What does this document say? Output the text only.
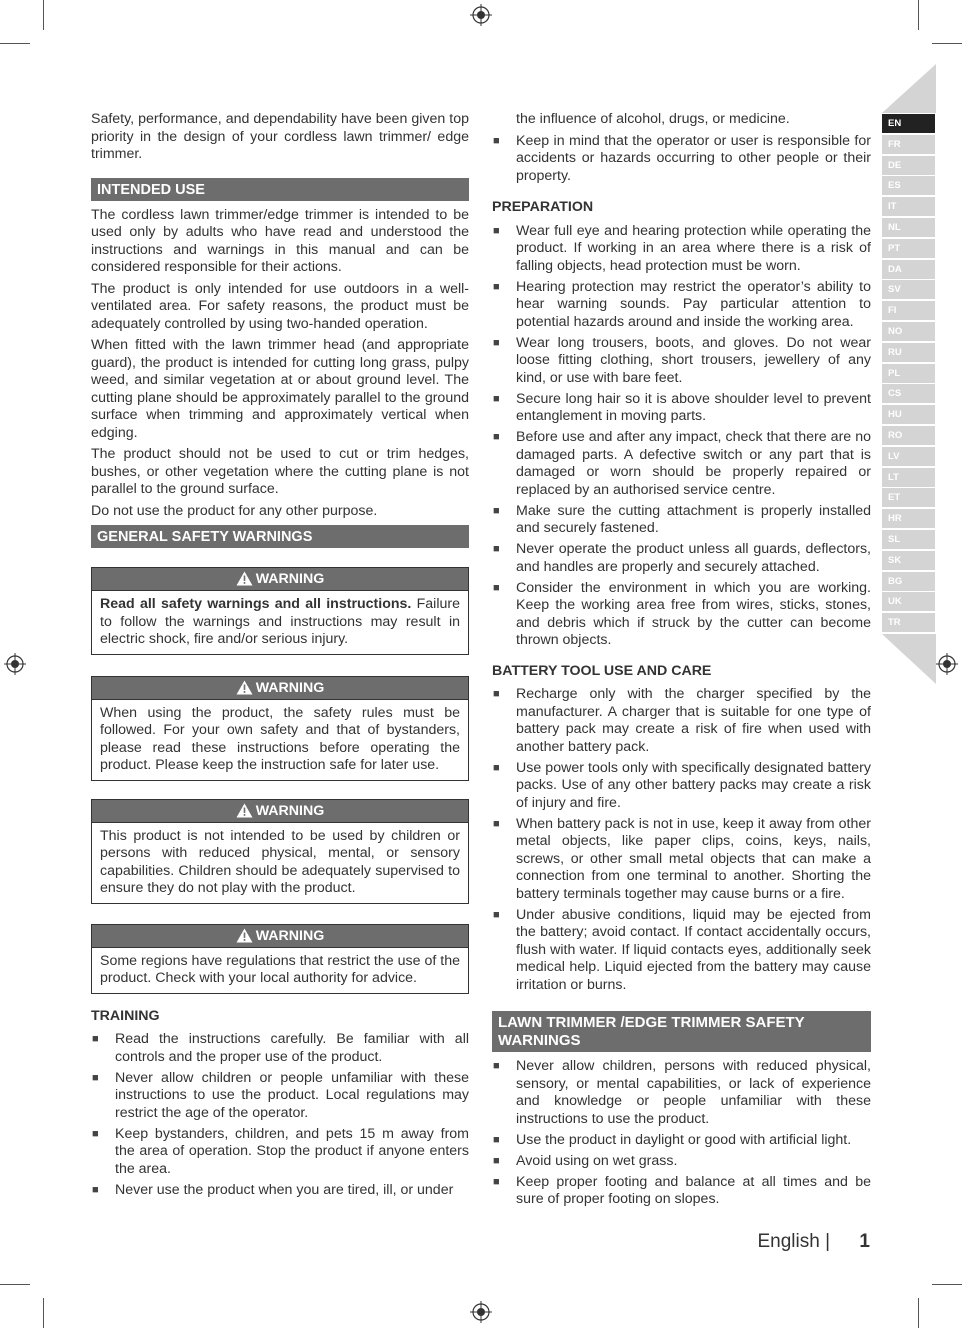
Safety, performance, and dependability have been given top priority in the design of your cordless lawn trimmer/ edge trimmer.

INTENDED USE

The cordless lawn trimmer/edge trimmer is intended to be used only by adults who have read and understood the instructions and warnings in this manual and can be considered responsible for their actions.

The product is only intended for use outdoors in a well-ventilated area. For safety reasons, the product must be adequately controlled by using two-handed operation.

When fitted with the lawn trimmer head (and appropriate guard), the product is intended for cutting long grass, pulpy weed, and similar vegetation at or about ground level. The cutting plane should be approximately parallel to the ground surface when trimming and approximately vertical when edging.

The product should not be used to cut or trim hedges, bushes, or other vegetation where the cutting plane is not parallel to the ground surface.

Do not use the product for any other purpose.

GENERAL SAFETY WARNINGS
WARNING
Read all safety warnings and all instructions. Failure to follow the warnings and instructions may result in electric shock, fire and/or serious injury.
WARNING
When using the product, the safety rules must be followed. For your own safety and that of bystanders, please read these instructions before operating the product. Please keep the instruction safe for later use.
WARNING
This product is not intended to be used by children or persons with reduced physical, mental, or sensory capabilities. Children should be adequately supervised to ensure they do not play with the product.
WARNING
Some regions have regulations that restrict the use of the product. Check with your local authority for advice.
TRAINING
■ Read the instructions carefully. Be familiar with all controls and the proper use of the product.
■ Never allow children or people unfamiliar with these instructions to use the product. Local regulations may restrict the age of the operator.
■ Keep bystanders, children, and pets 15 m away from the area of operation. Stop the product if anyone enters the area.
■ Never use the product when you are tired, ill, or under

the influence of alcohol, drugs, or medicine.

■ Keep in mind that the operator or user is responsible for accidents or hazards occurring to other people or their property.
PREPARATION
■ Wear full eye and hearing protection while operating the product. If working in an area where there is a risk of falling objects, head protection must be worn.
■ Hearing protection may restrict the operator’s ability to hear warning sounds. Pay particular attention to potential hazards around and inside the working area.
■ Wear long trousers, boots, and gloves. Do not wear loose fitting clothing, short trousers, jewellery of any kind, or use with bare feet.
■ Secure long hair so it is above shoulder level to prevent entanglement in moving parts.
■ Before use and after any impact, check that there are no damaged parts. A defective switch or any part that is damaged or worn should be properly repaired or replaced by an authorised service centre.
■ Make sure the cutting attachment is properly installed and securely fastened.
■ Never operate the product unless all guards, deflectors, and handles are properly and securely attached.
■ Consider the environment in which you are working. Keep the working area free from wires, sticks, stones, and debris which if struck by the cutter can become thrown objects.
BATTERY TOOL USE AND CARE
■ Recharge only with the charger specified by the manufacturer. A charger that is suitable for one type of battery pack may create a risk of fire when used with another battery pack.
■ Use power tools only with specifically designated battery packs. Use of any other battery packs may create a risk of injury and fire.
■ When battery pack is not in use, keep it away from other metal objects, like paper clips, coins, keys, nails, screws, or other small metal objects that can make a connection from one terminal to another. Shorting the battery terminals together may cause burns or a fire.
■ Under abusive conditions, liquid may be ejected from the battery; avoid contact. If contact accidentally occurs, flush with water. If liquid contacts eyes, additionally seek medical help. Liquid ejected from the battery may cause irritation or burns.
LAWN TRIMMER /EDGE TRIMMER SAFETY WARNINGS
■ Never allow children, persons with reduced physical, sensory, or mental capabilities, or lack of experience and knowledge or people unfamiliar with these instructions to use the product.
■ Use the product in daylight or good with artificial light.
■ Avoid using on wet grass.
■ Keep proper footing and balance at all times and be sure of proper footing on slopes.
EN
FR
DE
ES
IT
NL
PT
DA
SV
FI
NO
RU
PL
CS
HU
RO
LV
LT
ET
HR
SL
SK
BG
UK
TR
English | 1
